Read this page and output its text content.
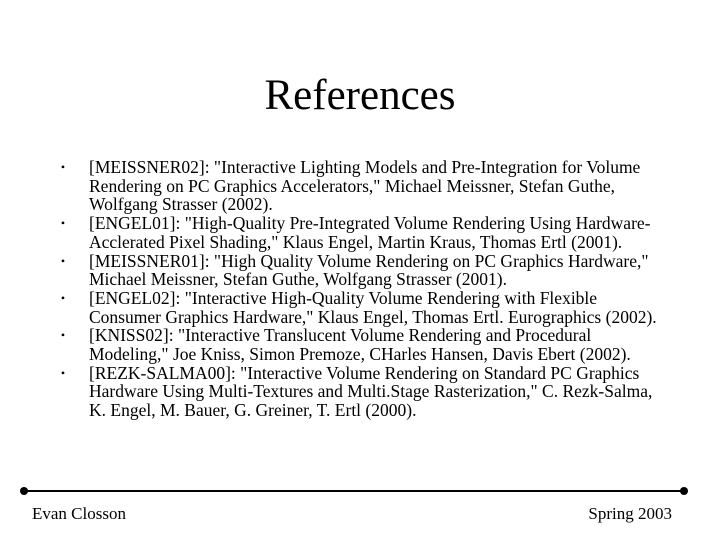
References
• [MEISSNER02]: "Interactive Lighting Models and Pre-Integration for Volume Rendering on PC Graphics Accelerators," Michael Meissner, Stefan Guthe, Wolfgang Strasser (2002).
• [ENGEL01]: "High-Quality Pre-Integrated Volume Rendering Using Hardware-Acclerated Pixel Shading," Klaus Engel, Martin Kraus, Thomas Ertl (2001).
• [MEISSNER01]: "High Quality Volume Rendering on PC Graphics Hardware," Michael Meissner, Stefan Guthe, Wolfgang Strasser (2001).
• [ENGEL02]: "Interactive High-Quality Volume Rendering with Flexible Consumer Graphics Hardware," Klaus Engel, Thomas Ertl. Eurographics (2002).
• [KNISS02]: "Interactive Translucent Volume Rendering and Procedural Modeling," Joe Kniss, Simon Premoze, CHarles Hansen, Davis Ebert (2002).
• [REZK-SALMA00]: "Interactive Volume Rendering on Standard PC Graphics Hardware Using Multi-Textures and Multi.Stage Rasterization," C. Rezk-Salma, K. Engel, M. Bauer, G. Greiner, T. Ertl (2000).
Evan Closson	Spring 2003
